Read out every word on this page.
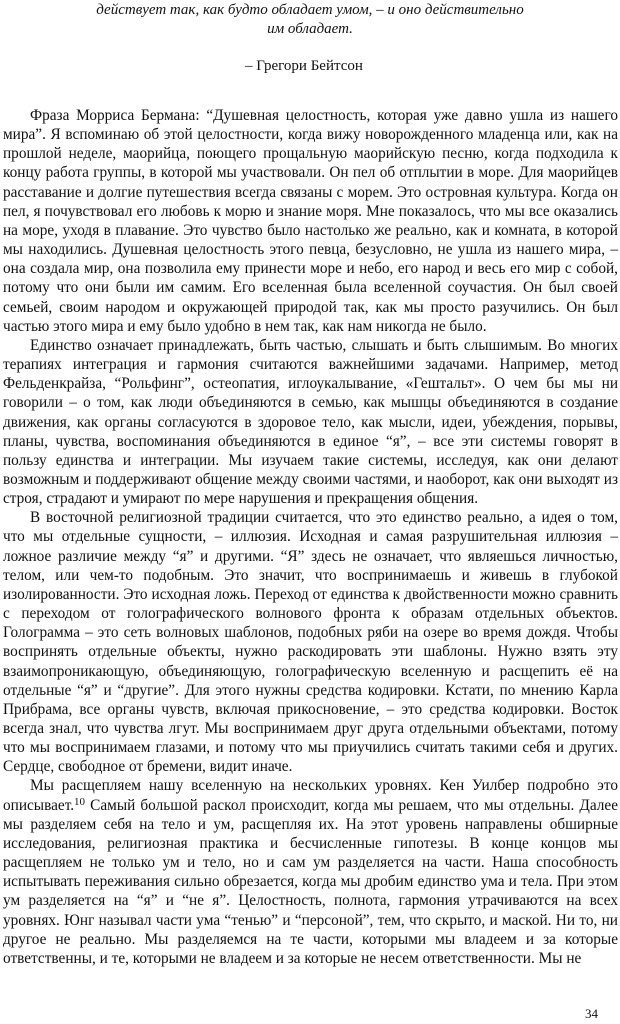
действует так, как будто обладает умом, – и оно действительно

им обладает.

– Грегори Бейтсон

Фраза Морриса Бермана: “Душевная целостность, которая уже давно ушла из нашего мира”. Я вспоминаю об этой целостности, когда вижу новорожденного младенца или, как на прошлой неделе, маорийца, поющего прощальную маорийскую песню, когда подходила к концу работа группы, в которой мы участвовали. Он пел об отплытии в море. Для маорийцев расставание и долгие путешествия всегда связаны с морем. Это островная культура. Когда он пел, я почувствовал его любовь к морю и знание моря. Мне показалось, что мы все оказались на море, уходя в плавание. Это чувство было настолько же реально, как и комната, в которой мы находились. Душевная целостность этого певца, безусловно, не ушла из нашего мира, – она создала мир, она позволила ему принести море и небо, его народ и весь его мир с собой, потому что они были им самим. Его вселенная была вселенной соучастия. Он был своей семьей, своим народом и окружающей природой так, как мы просто разучились. Он был частью этого мира и ему было удобно в нем так, как нам никогда не было.

Единство означает принадлежать, быть частью, слышать и быть слышимым. Во многих терапиях интеграция и гармония считаются важнейшими задачами. Например, метод Фельденкрайза, “Рольфинг”, остеопатия, иглоукалывание, «Гештальт». О чем бы мы ни говорили – о том, как люди объединяются в семью, как мышцы объединяются в создание движения, как органы согласуются в здоровое тело, как мысли, идеи, убеждения, порывы, планы, чувства, воспоминания объединяются в единое “я”, – все эти системы говорят в пользу единства и интеграции. Мы изучаем такие системы, исследуя, как они делают возможным и поддерживают общение между своими частями, и наоборот, как они выходят из строя, страдают и умирают по мере нарушения и прекращения общения.

В восточной религиозной традиции считается, что это единство реально, а идея о том, что мы отдельные сущности, – иллюзия. Исходная и самая разрушительная иллюзия – ложное различие между “я” и другими. “Я” здесь не означает, что являешься личностью, телом, или чем-то подобным. Это значит, что воспринимаешь и живешь в глубокой изолированности. Это исходная ложь. Переход от единства к двойственности можно сравнить с переходом от голографического волнового фронта к образам отдельных объектов. Голограмма – это сеть волновых шаблонов, подобных ряби на озере во время дождя. Чтобы воспринять отдельные объекты, нужно раскодировать эти шаблоны. Нужно взять эту взаимопроникающую, объединяющую, голографическую вселенную и расщепить её на отдельные “я” и “другие”. Для этого нужны средства кодировки. Кстати, по мнению Карла Прибрама, все органы чувств, включая прикосновение, – это средства кодировки. Восток всегда знал, что чувства лгут. Мы воспринимаем друг друга отдельными объектами, потому что мы воспринимаем глазами, и потому что мы приучились считать такими себя и других. Сердце, свободное от бремени, видит иначе.

Мы расщепляем нашу вселенную на нескольких уровнях. Кен Уилбер подробно это описывает.$^{10}$ Самый большой раскол происходит, когда мы решаем, что мы отдельны. Далее мы разделяем себя на тело и ум, расщепляя их. На этот уровень направлены обширные исследования, религиозная практика и бесчисленные гипотезы. В конце концов мы расщепляем не только ум и тело, но и сам ум разделяется на части. Наша способность испытывать переживания сильно обрезается, когда мы дробим единство ума и тела. При этом ум разделяется на “я” и “не я”. Целостность, полнота, гармония утрачиваются на всех уровнях. Юнг называл части ума “тенью” и “персоной”, тем, что скрыто, и маской. Ни то, ни другое не реально. Мы разделяемся на те части, которыми мы владеем и за которые ответственны, и те, которыми не владеем и за которые не несем ответственности. Мы не

34
